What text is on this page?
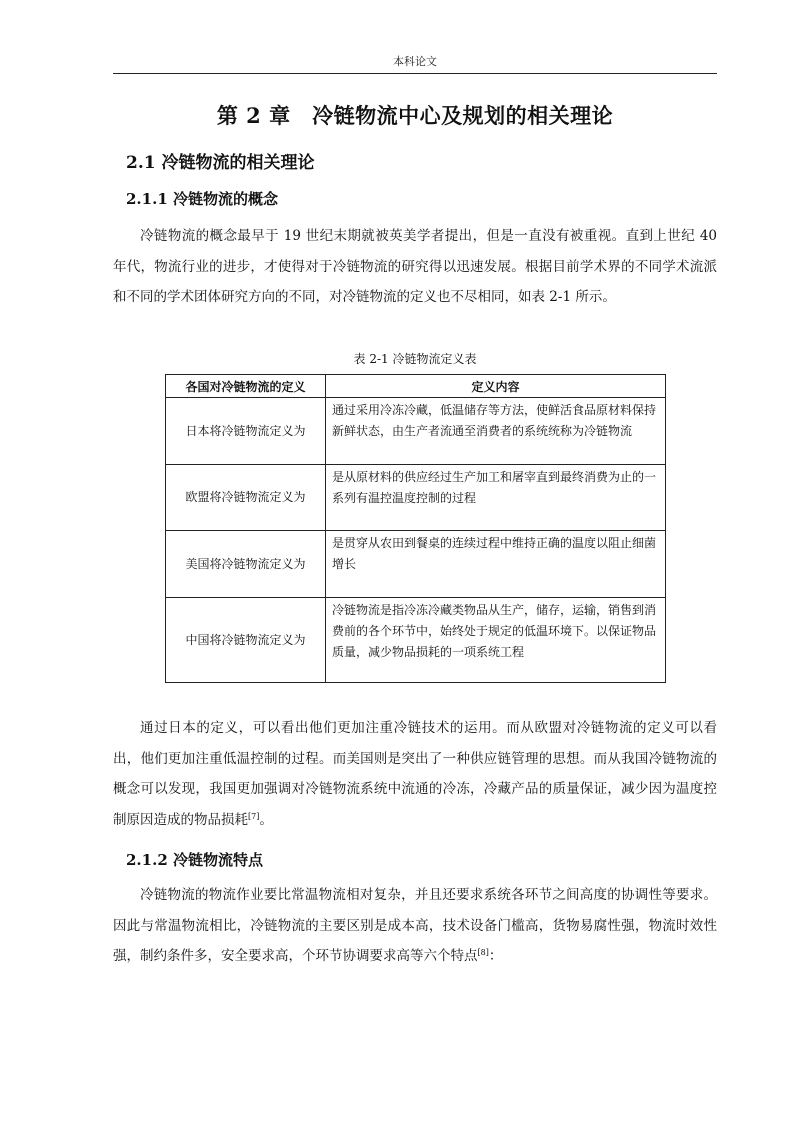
本科论文
第 2 章　冷链物流中心及规划的相关理论
2.1 冷链物流的相关理论
2.1.1 冷链物流的概念

冷链物流的概念最早于 19 世纪末期就被英美学者提出，但是一直没有被重视。直到上世纪 40 年代，物流行业的进步，才使得对于冷链物流的研究得以迅速发展。根据目前学术界的不同学术流派和不同的学术团体研究方向的不同，对冷链物流的定义也不尽相同，如表 2-1 所示。

表 2-1 冷链物流定义表
各国对冷链物流的定义	定义内容
日本将冷链物流定义为	通过采用冷冻冷藏，低温储存等方法，使鲜活食品原材料保持新鲜状态，由生产者流通至消费者的系统统称为冷链物流
欧盟将冷链物流定义为	是从原材料的供应经过生产加工和屠宰直到最终消费为止的一系列有温控温度控制的过程
美国将冷链物流定义为	是贯穿从农田到餐桌的连续过程中维持正确的温度以阻止细菌增长
中国将冷链物流定义为	冷链物流是指冷冻冷藏类物品从生产，储存，运输，销售到消费前的各个环节中，始终处于规定的低温环境下。以保证物品质量，减少物品损耗的一项系统工程

通过日本的定义，可以看出他们更加注重冷链技术的运用。而从欧盟对冷链物流的定义可以看出，他们更加注重低温控制的过程。而美国则是突出了一种供应链管理的思想。而从我国冷链物流的概念可以发现，我国更加强调对冷链物流系统中流通的冷冻，冷藏产品的质量保证，减少因为温度控制原因造成的物品损耗[7]。

2.1.2 冷链物流特点

冷链物流的物流作业要比常温物流相对复杂，并且还要求系统各环节之间高度的协调性等要求。因此与常温物流相比，冷链物流的主要区别是成本高，技术设备门槛高，货物易腐性强，物流时效性强，制约条件多，安全要求高，个环节协调要求高等六个特点[8]：
